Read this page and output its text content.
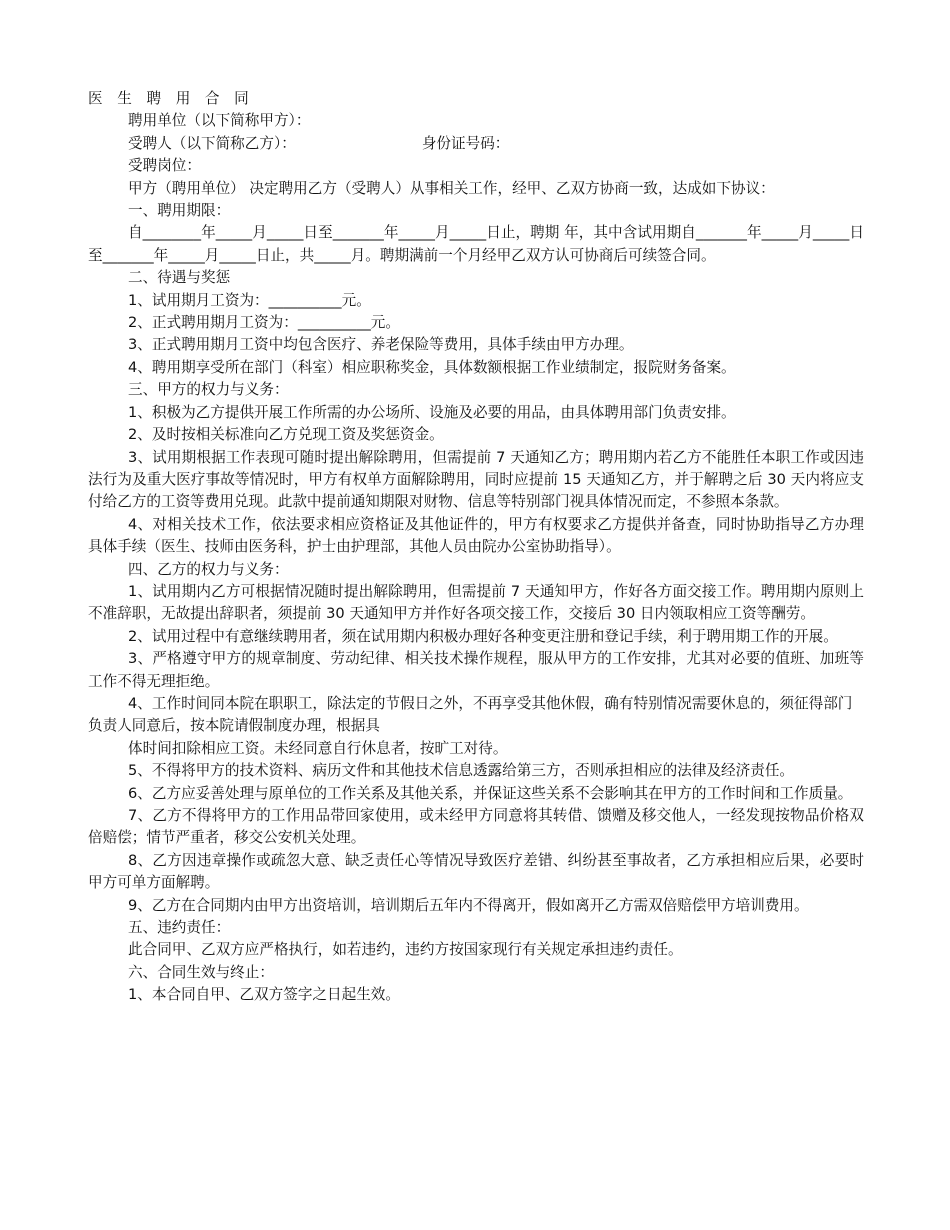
医 生 聘 用 合 同
聘用单位（以下简称甲方）：
受聘人（以下简称乙方）：	身份证号码：
受聘岗位：
甲方（聘用单位） 决定聘用乙方（受聘人）从事相关工作，经甲、乙双方协商一致，达成如下协议：
一、聘用期限：

自________年_____月_____日至_______年_____月_____日止，聘期 年，其中含试用期自_______年_____月_____日至_______年_____月_____日止，共_____月。聘期满前一个月经甲乙双方认可协商后可续签合同。

二、待遇与奖惩

1、试用期月工资为：__________元。

2、正式聘用期月工资为：__________元。

3、正式聘用期月工资中均包含医疗、养老保险等费用，具体手续由甲方办理。

4、聘用期享受所在部门（科室）相应职称奖金，具体数额根据工作业绩制定，报院财务备案。

三、甲方的权力与义务：

1、积极为乙方提供开展工作所需的办公场所、设施及必要的用品，由具体聘用部门负责安排。

2、及时按相关标准向乙方兑现工资及奖惩资金。

3、试用期根据工作表现可随时提出解除聘用，但需提前 7 天通知乙方；聘用期内若乙方不能胜任本职工作或因违法行为及重大医疗事故等情况时，甲方有权单方面解除聘用，同时应提前 15 天通知乙方，并于解聘之后 30 天内将应支付给乙方的工资等费用兑现。此款中提前通知期限对财物、信息等特别部门视具体情况而定，不参照本条款。

4、对相关技术工作，依法要求相应资格证及其他证件的，甲方有权要求乙方提供并备查，同时协助指导乙方办理具体手续（医生、技师由医务科，护士由护理部，其他人员由院办公室协助指导）。

四、乙方的权力与义务：

1、试用期内乙方可根据情况随时提出解除聘用，但需提前 7 天通知甲方，作好各方面交接工作。聘用期内原则上不准辞职，无故提出辞职者，须提前 30 天通知甲方并作好各项交接工作，交接后 30 日内领取相应工资等酬劳。

2、试用过程中有意继续聘用者，须在试用期内积极办理好各种变更注册和登记手续，利于聘用期工作的开展。

3、严格遵守甲方的规章制度、劳动纪律、相关技术操作规程，服从甲方的工作安排，尤其对必要的值班、加班等工作不得无理拒绝。

4、工作时间同本院在职职工，除法定的节假日之外，不再享受其他休假，确有特别情况需要休息的，须征得部门负责人同意后，按本院请假制度办理，根据具

体时间扣除相应工资。未经同意自行休息者，按旷工对待。

5、不得将甲方的技术资料、病历文件和其他技术信息透露给第三方，否则承担相应的法律及经济责任。

6、乙方应妥善处理与原单位的工作关系及其他关系，并保证这些关系不会影响其在甲方的工作时间和工作质量。

7、乙方不得将甲方的工作用品带回家使用，或未经甲方同意将其转借、馈赠及移交他人，一经发现按物品价格双倍赔偿；情节严重者，移交公安机关处理。

8、乙方因违章操作或疏忽大意、缺乏责任心等情况导致医疗差错、纠纷甚至事故者，乙方承担相应后果，必要时甲方可单方面解聘。

9、乙方在合同期内由甲方出资培训，培训期后五年内不得离开，假如离开乙方需双倍赔偿甲方培训费用。

五、违约责任：

此合同甲、乙双方应严格执行，如若违约，违约方按国家现行有关规定承担违约责任。

六、合同生效与终止：

1、本合同自甲、乙双方签字之日起生效。
